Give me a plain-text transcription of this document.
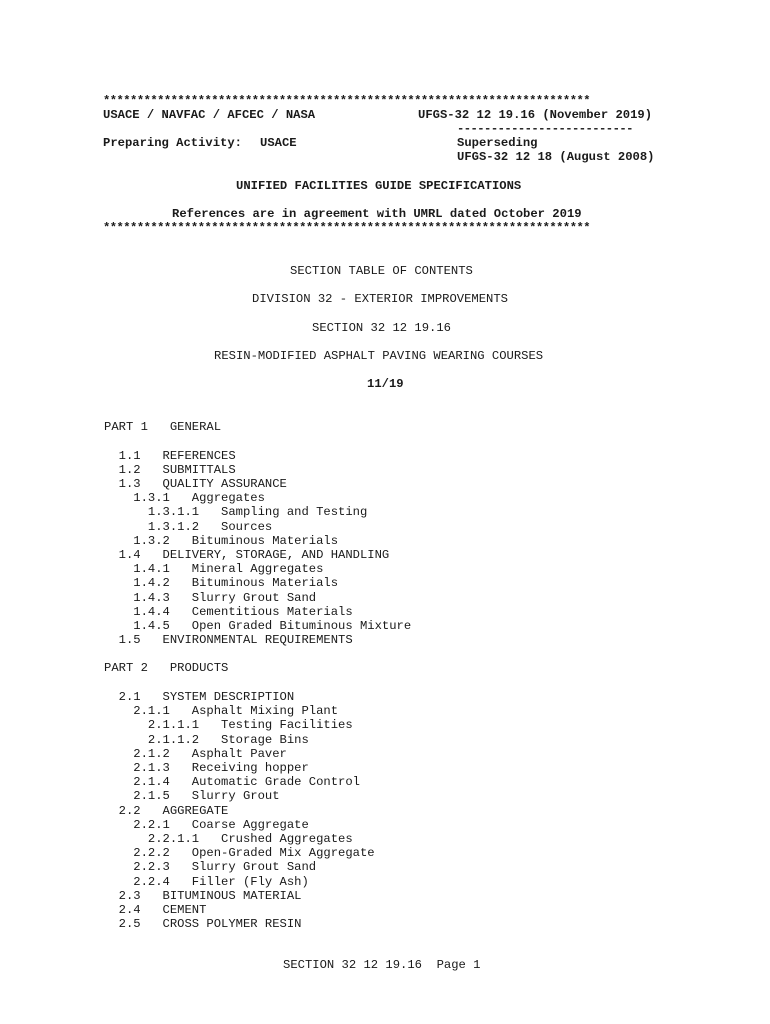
************************************************************************
USACE / NAVFAC / AFCEC / NASA	UFGS-32 12 19.16 (November 2019)
--------------------------
Preparing Activity: USACE	Superseding
UFGS-32 12 18 (August 2008)
UNIFIED FACILITIES GUIDE SPECIFICATIONS
References are in agreement with UMRL dated October 2019
************************************************************************
SECTION TABLE OF CONTENTS
DIVISION 32 - EXTERIOR IMPROVEMENTS
SECTION 32 12 19.16
RESIN-MODIFIED ASPHALT PAVING WEARING COURSES
11/19
PART 1   GENERAL
1.1   REFERENCES
1.2   SUBMITTALS
1.3   QUALITY ASSURANCE
1.3.1   Aggregates
1.3.1.1   Sampling and Testing
1.3.1.2   Sources
1.3.2   Bituminous Materials
1.4   DELIVERY, STORAGE, AND HANDLING
1.4.1   Mineral Aggregates
1.4.2   Bituminous Materials
1.4.3   Slurry Grout Sand
1.4.4   Cementitious Materials
1.4.5   Open Graded Bituminous Mixture
1.5   ENVIRONMENTAL REQUIREMENTS
PART 2   PRODUCTS
2.1   SYSTEM DESCRIPTION
2.1.1   Asphalt Mixing Plant
2.1.1.1   Testing Facilities
2.1.1.2   Storage Bins
2.1.2   Asphalt Paver
2.1.3   Receiving hopper
2.1.4   Automatic Grade Control
2.1.5   Slurry Grout
2.2   AGGREGATE
2.2.1   Coarse Aggregate
2.2.1.1   Crushed Aggregates
2.2.2   Open-Graded Mix Aggregate
2.2.3   Slurry Grout Sand
2.2.4   Filler (Fly Ash)
2.3   BITUMINOUS MATERIAL
2.4   CEMENT
2.5   CROSS POLYMER RESIN
SECTION 32 12 19.16  Page 1
